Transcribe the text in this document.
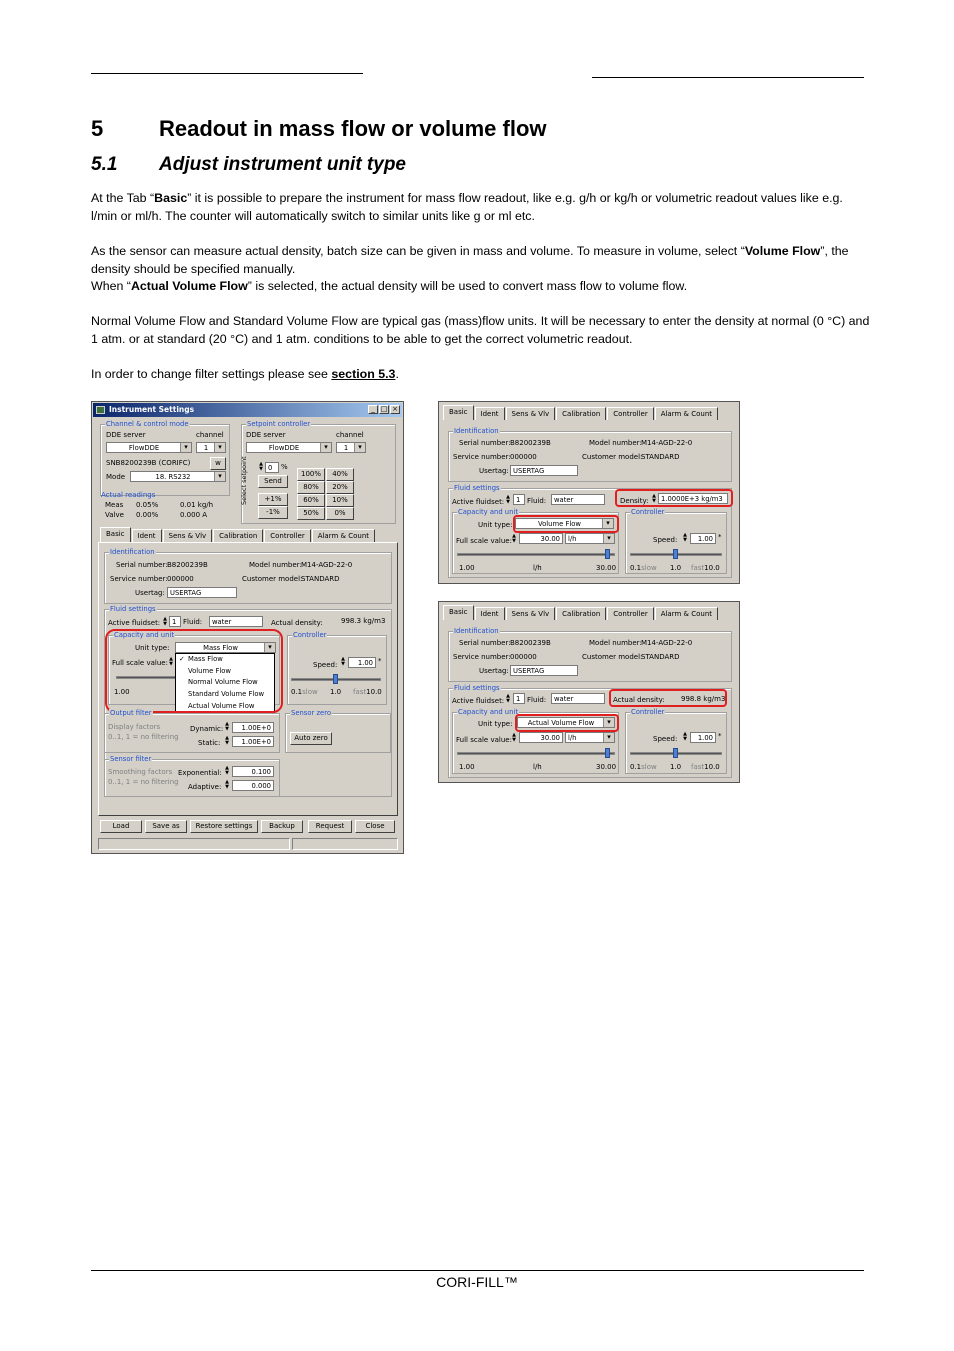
5	Readout in mass flow or volume flow
5.1 Adjust instrument unit type
At the Tab “Basic” it is possible to prepare the instrument for mass flow readout, like e.g. g/h or kg/h or volumetric readout values like e.g. l/min or ml/h. The counter will automatically switch to similar units like g or ml etc.
As the sensor can measure actual density, batch size can be given in mass and volume. To measure in volume, select “Volume Flow”, the density should be specified manually.
When “Actual Volume Flow” is selected, the actual density will be used to convert mass flow to volume flow.
Normal Volume Flow and Standard Volume Flow are typical gas (mass)flow units. It will be necessary to enter the density at normal (0 °C) and 1 atm. or at standard (20 °C) and 1 atm. conditions to be able to get the correct volumetric readout.
In order to change filter settings please see section 5.3.
Instrument Settings	_ □ ×
Channel & control mode
DDE server	channel
FlowDDE ▾	1 ▾
SNB8200239B (CORIFC)	w
Mode	18. RS232 ▾
Actual readings
Meas 0.05%	0.01 kg/h
Valve 0.00%	0.000 A
Setpoint controller
DDE server	channel
FlowDDE ▾	1 ▾
Select setpoint ▲
▼ 0	%
Send
+1%
-1%
100%	40%
80%	20%
60%	10%
50%	0%
Basic	Ident	Sens & Vlv	Calibration	Controller	Alarm & Count
Identification
Serial number: B8200239B	Model number: M14-AGD-22-0
Service number: 000000	Customer model:
STANDARD
Usertag: USERTAG
Fluid settings
Active fluidset: ▲
▼ 1 Fluid:	water	Actual density:	998.3 kg/m3
Capacity and unit
Unit type:	Mass Flow ▾
Full scale value: ▲
▼
1.00
✓ Mass Flow
Volume Flow
Normal Volume Flow
Standard Volume Flow
Actual Volume Flow
Controller
Speed:
▲
▼	1.00 *
0.1slow 1.0 fast10.0
Output filter
Display factors
0..1, 1 = no filtering
Dynamic:
▲
▼	1.00E+0
Static:
▲
▼	1.00E+0
Sensor zero
Auto zero
Sensor filter
Smoothing factors
0..1, 1 = no filtering
Exponential:
▲
▼	0.100
Adaptive:
▲
▼	0.000
Load	Save as	Restore settings	Backup	Request	Close
Basic	Ident	Sens & Vlv	Calibration	Controller	Alarm & Count
Identification
Serial number: B8200239B	Model number: M14-AGD-22-0
Service number: 000000	Customer model:
STANDARD
Usertag: USERTAG
Fluid settings
Active fluidset:
▲
▼ 1 Fluid:	water	Density:
▲
▼ 1.0000E+3 kg/m3
Capacity and unit
Unit type:	Volume Flow ▾
Full scale value:
▲
▼	30.00	l/h ▾
1.00	l/h	30.00
Controller
Speed:
▲
▼	1.00 *
0.1slow 1.0 fast10.0
Basic	Ident	Sens & Vlv	Calibration	Controller	Alarm & Count
Identification
Serial number: B8200239B	Model number: M14-AGD-22-0
Service number: 000000	Customer model:
STANDARD
Usertag: USERTAG
Fluid settings
Active fluidset:
▲
▼ 1 Fluid:	water	Actual density: 998.8 kg/m3
Capacity and unit
Unit type:	Actual Volume Flow ▾
Full scale value:
▲
▼	30.00	l/h ▾
1.00	l/h	30.00
Controller
Speed:
▲
▼	1.00 *
0.1slow 1.0 fast10.0
CORI-FILL™
